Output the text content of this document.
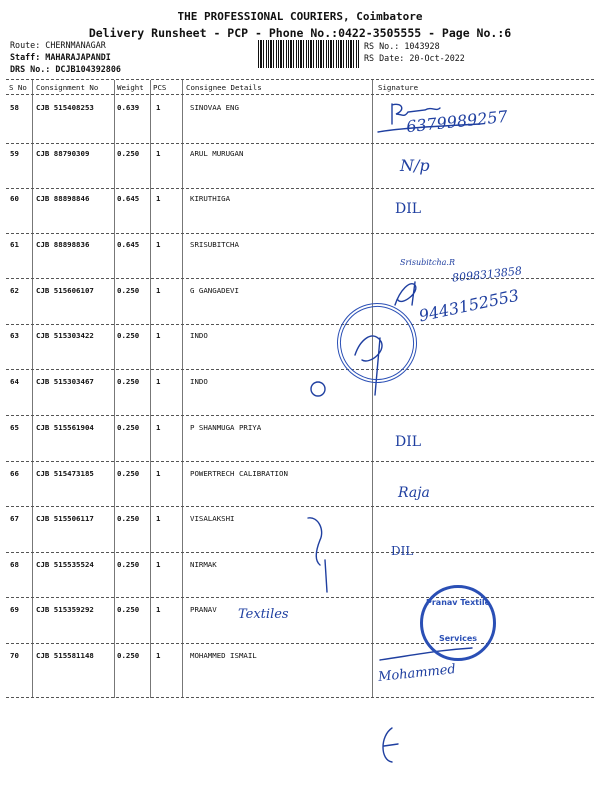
THE PROFESSIONAL COURIERS, Coimbatore
Delivery Runsheet - PCP - Phone No.:0422-3505555 - Page No.:6
Route: CHERNMANAGAR
Staff: MAHARAJAPANDI
DRS No.: DCJB104392806
RS No.: 1043928
RS Date: 20-Oct-2022
S No Consignment No	Weight PCS	Consignee Details	Signature
58 CJB 515408253	0.639 1	SINOVAA ENG
59 CJB 88790309	0.250 1	ARUL MURUGAN
60 CJB 88898846	0.645 1	KIRUTHIGA
61 CJB 88898836	0.645 1	SRISUBITCHA
62 CJB 515606107	0.250 1	G GANGADEVI
63 CJB 515303422	0.250 1	INDO
64 CJB 515303467	0.250 1	INDO
65 CJB 515561904	0.250 1	P SHANMUGA PRIYA
66 CJB 515473185	0.250 1	POWERTRECH CALIBRATION
67 CJB 515506117	0.250 1	VISALAKSHI
68 CJB 515535524	0.250 1	NIRMAK
69 CJB 515359292	0.250 1	PRANAV
70 CJB 515581148	0.250 1	MOHAMMED ISMAIL
6379989257
N/p
DIL
Srisubitcha.R
8098313858
9443152553
DIL
Raja
DIL
Textiles
Mohammed
Pranav Textile
Services
